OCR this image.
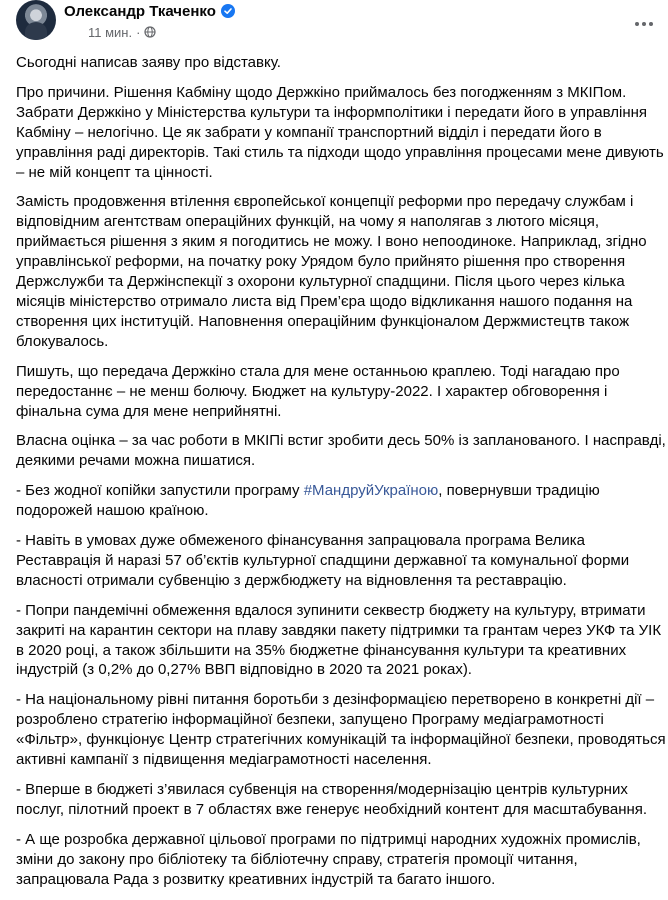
Олександр Ткаченко
11 мин. ·

Сьогодні написав заяву про відставку.

Про причини. Рішення Кабміну щодо Держкіно приймалось без погодженням з МКІПом. Забрати Держкіно у Міністерства культури та інформполітики і передати його в управління Кабміну – нелогічно. Це як забрати у компанії транспортний відділ і передати його в управління раді директорів. Такі стиль та підходи щодо управління процесами мене дивують – не мій концепт та цінності.

Замість продовження втілення європейської концепції реформи про передачу службам і відповідним агентствам операційних функцій, на чому я наполягав з лютого місяця, приймається рішення з яким я погодитись не можу. І воно непоодиноке. Наприклад, згідно управлінської реформи, на початку року Урядом було прийнято рішення про створення Держслужби та Держінспекції з охорони культурної спадщини. Після цього через кілька місяців міністерство отримало листа від Прем’єра щодо відкликання нашого подання на створення цих інституцій. Наповнення операційним функціоналом Держмистецтв також блокувалось.

Пишуть, що передача Держкіно стала для мене останньою краплею. Тоді нагадаю про передостаннє – не менш болючу. Бюджет на культуру-2022. І характер обговорення і фінальна сума для мене неприйнятні.

Власна оцінка – за час роботи в МКІПі встиг зробити десь 50% із запланованого. І насправді, деякими речами можна пишатися.

- Без жодної копійки запустили програму #МандруйУкраїною, повернувши традицію подорожей нашою країною.

- Навіть в умовах дуже обмеженого фінансування запрацювала програма Велика Реставрація й наразі 57 об’єктів культурної спадщини державної та комунальної форми власності отримали субвенцію з держбюджету на відновлення та реставрацію.

- Попри пандемічні обмеження вдалося зупинити секвестр бюджету на культуру, втримати закриті на карантин сектори на плаву завдяки пакету підтримки та грантам через УКФ та УІК в 2020 році, а також збільшити на 35% бюджетне фінансування культури та креативних індустрій (з 0,2% до 0,27% ВВП відповідно в 2020 та 2021 роках).

- На національному рівні питання боротьби з дезінформацією перетворено в конкретні дії – розроблено стратегію інформаційної безпеки, запущено Програму медіаграмотності «Фільтр», функціонує Центр стратегічних комунікацій та інформаційної безпеки, проводяться активні кампанії з підвищення медіаграмотності населення.

- Вперше в бюджеті з’явилася субвенція на створення/модернізацію центрів культурних послуг, пілотний проект в 7 областях вже генерує необхідний контент для масштабування.

- А ще розробка державної цільової програми по підтримці народних художніх промислів, зміни до закону про бібліотеку та бібліотечну справу, стратегія промоції читання, запрацювала Рада з розвитку креативних індустрій та багато іншого.
